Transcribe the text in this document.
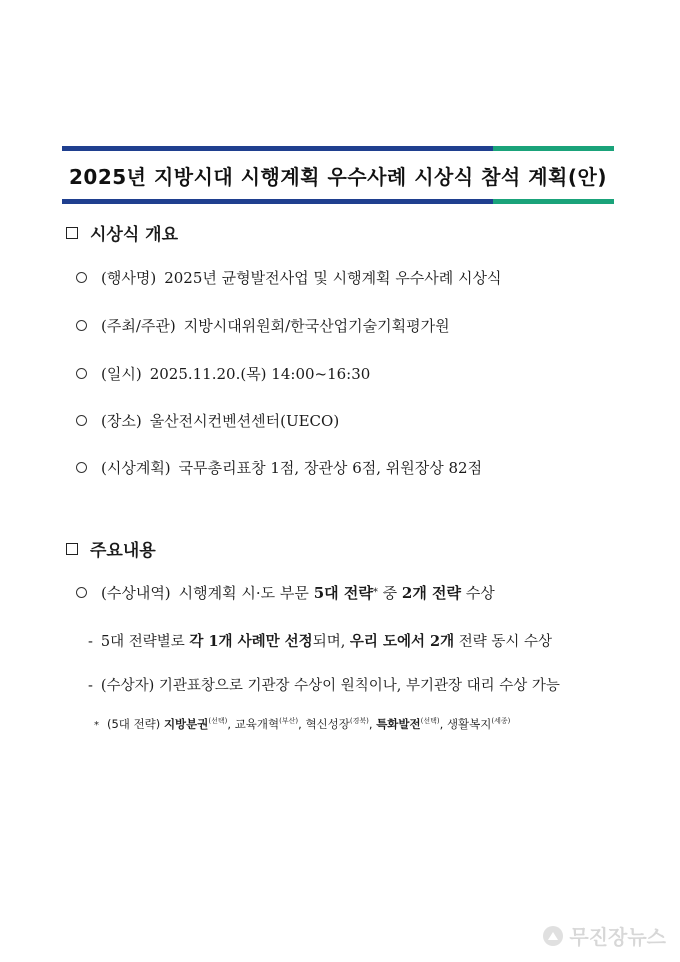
2025년 지방시대 시행계획 우수사례 시상식 참석 계획(안)
시상식 개요
(행사명) 2025년 균형발전사업 및 시행계획 우수사례 시상식
(주최/주관) 지방시대위원회/한국산업기술기획평가원
(일시) 2025.11.20.(목) 14:00~16:30
(장소) 울산전시컨벤션센터(UECO)
(시상계획) 국무총리표창 1점, 장관상 6점, 위원장상 82점
주요내용
(수상내역) 시행계획 시·도 부문
5대 전략 *
중
2개 전략
수상
- 5대 전략별로 각 1개 사례만 선정되며, 우리 도에서 2개 전략 동시 수상
- (수상자) 기관표창으로 기관장 수상이 원칙이나, 부기관장 대리 수상 가능
* (5대 전략) 지방분권$^{(선택)}$, 교육개혁$^{(부산)}$, 혁신성장$^{(경북)}$, 특화발전$^{(선택)}$, 생활복지$^{(세종)}$
무진장뉴스
